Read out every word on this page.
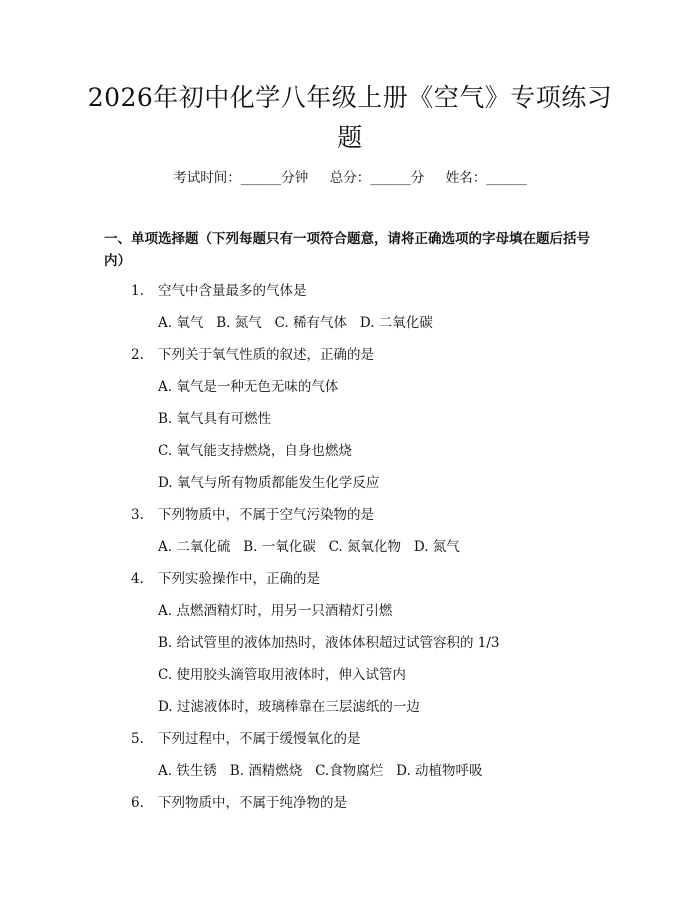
2026年初中化学八年级上册《空气》专项练习题
考试时间：______分钟     总分：______分     姓名：______
一、单项选择题（下列每题只有一项符合题意，请将正确选项的字母填在题后括号内）
1. 空气中含量最多的气体是
A. 氧气   B. 氮气   C. 稀有气体   D. 二氧化碳
2. 下列关于氧气性质的叙述，正确的是
A. 氧气是一种无色无味的气体
B. 氧气具有可燃性
C. 氧气能支持燃烧，自身也燃烧
D. 氧气与所有物质都能发生化学反应
3. 下列物质中，不属于空气污染物的是
A. 二氧化硫   B. 一氧化碳   C. 氮氧化物   D. 氮气
4. 下列实验操作中，正确的是
A. 点燃酒精灯时，用另一只酒精灯引燃
B. 给试管里的液体加热时，液体体积超过试管容积的 1/3
C. 使用胶头滴管取用液体时，伸入试管内
D. 过滤液体时，玻璃棒靠在三层滤纸的一边
5. 下列过程中，不属于缓慢氧化的是
A. 铁生锈   B. 酒精燃烧   C.食物腐烂   D. 动植物呼吸
6. 下列物质中，不属于纯净物的是
